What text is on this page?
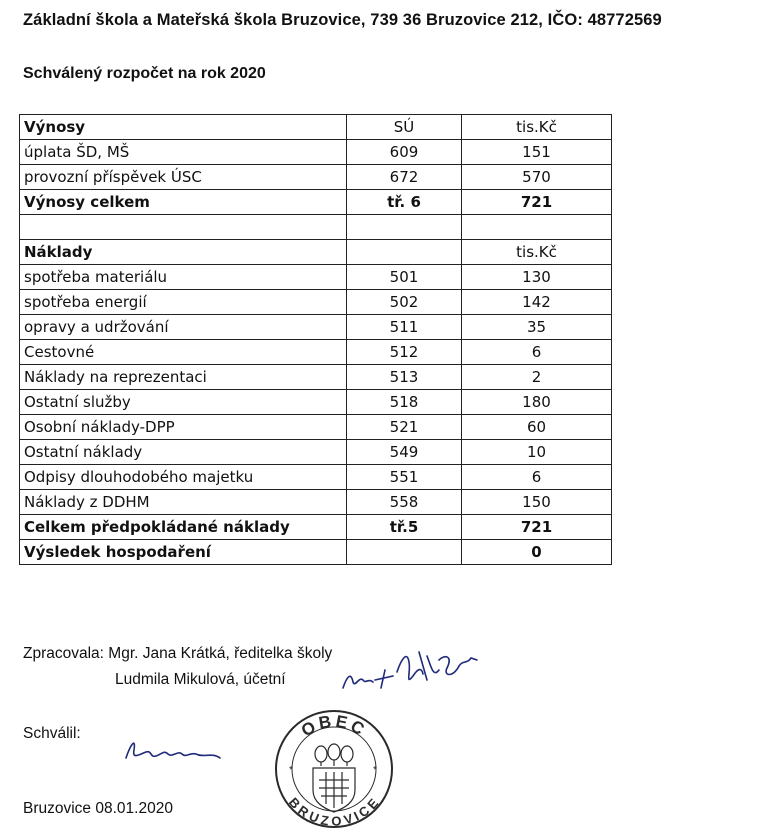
Základní škola a Mateřská škola Bruzovice, 739 36 Bruzovice 212, IČO: 48772569
Schválený rozpočet na rok 2020
Výnosy	SÚ	tis.Kč
úplata ŠD, MŠ	609	151
provozní příspěvek ÚSC	672	570
Výnosy celkem	tř. 6	721

Náklady		tis.Kč
spotřeba materiálu	501	130
spotřeba energií	502	142
opravy a udržování	511	35
Cestovné	512	6
Náklady na reprezentaci	513	2
Ostatní služby	518	180
Osobní náklady-DPP	521	60
Ostatní náklady	549	10
Odpisy dlouhodobého majetku	551	6
Náklady z DDHM	558	150
Celkem předpokládané náklady	tř.5	721
Výsledek hospodaření		0
Zpracovala: Mgr. Jana Krátká, ředitelka školy
Ludmila Mikulová, účetní
Schválil:
Bruzovice 08.01.2020
OBEC
BRUZOVICE
*	*
